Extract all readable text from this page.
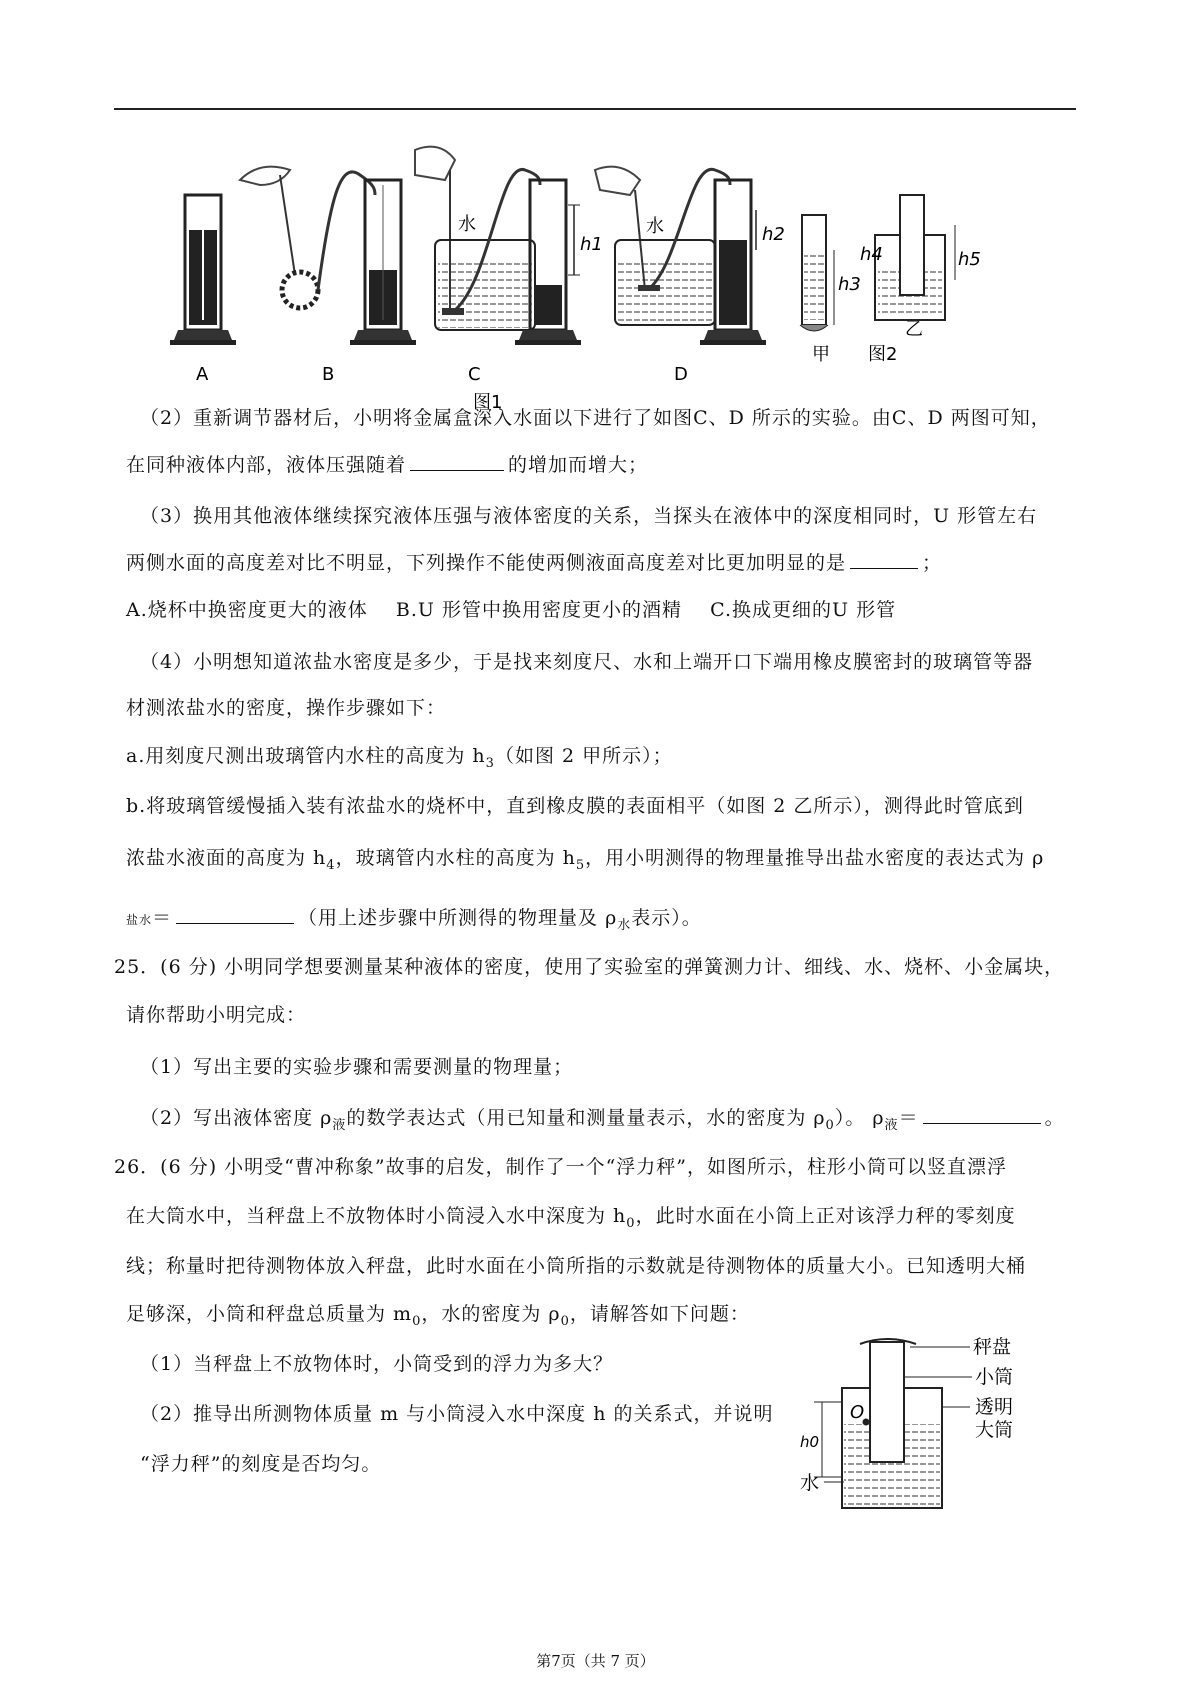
A	B
水
h1
C
水	h2
D
图1
h3
甲
h5
h4
乙
图2
（2）重新调节器材后，小明将金属盒深入水面以下进行了如图C、D 所示的实验。由C、D 两图可知，
在同种液体内部，液体压强随着	的增加而增大；
（3）换用其他液体继续探究液体压强与液体密度的关系，当探头在液体中的深度相同时，U 形管左右
两侧水面的高度差对比不明显，下列操作不能使两侧液面高度差对比更加明显的是	；
A.烧杯中换密度更大的液体    B.U 形管中换用密度更小的酒精    C.换成更细的U 形管
（4）小明想知道浓盐水密度是多少，于是找来刻度尺、水和上端开口下端用橡皮膜密封的玻璃管等器
材测浓盐水的密度，操作步骤如下：
a.用刻度尺测出玻璃管内水柱的高度为 $h_3$（如图 2 甲所示）；
b.将玻璃管缓慢插入装有浓盐水的烧杯中，直到橡皮膜的表面相平（如图 2 乙所示），测得此时管底到
浓盐水液面的高度为 $h_4$，玻璃管内水柱的高度为 $h_5$，用小明测得的物理量推导出盐水密度的表达式为 ρ
盐水＝	（用上述步骤中所测得的物理量及 $\rho_水$表示）。
25．(6 分) 小明同学想要测量某种液体的密度，使用了实验室的弹簧测力计、细线、水、烧杯、小金属块，
请你帮助小明完成：
（1）写出主要的实验步骤和需要测量的物理量；
（2）写出液体密度 $\rho_液$的数学表达式（用已知量和测量量表示，水的密度为 $\rho_0$）。 $\rho_液=$	。
26．(6 分) 小明受“曹冲称象”故事的启发，制作了一个“浮力秤”，如图所示，柱形小筒可以竖直漂浮
在大筒水中，当秤盘上不放物体时小筒浸入水中深度为 $h_0$，此时水面在小筒上正对该浮力秤的零刻度
线；称量时把待测物体放入秤盘，此时水面在小筒所指的示数就是待测物体的质量大小。已知透明大桶
足够深，小筒和秤盘总质量为 $m_0$，水的密度为 $\rho_0$，请解答如下问题：
（1）当秤盘上不放物体时，小筒受到的浮力为多大？
（2）推导出所测物体质量 m 与小筒浸入水中深度 h 的关系式，并说明
“浮力秤”的刻度是否均匀。
O
h0
秤盘
小筒
透明
大筒
水
第7页（共 7 页）
